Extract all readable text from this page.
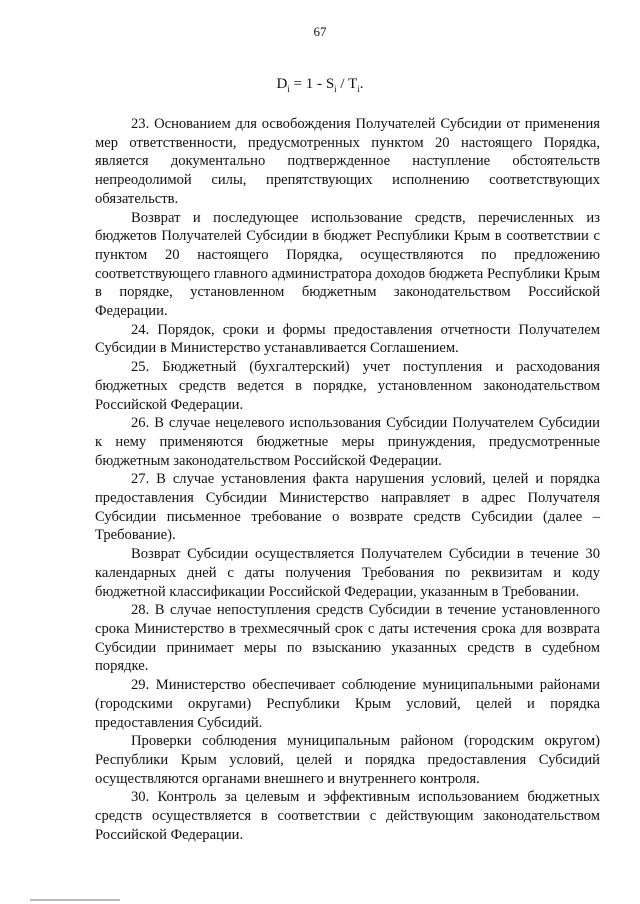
67
$D_i = 1 - S_i / T_i$.

23. Основанием для освобождения Получателей Субсидии от применения мер ответственности, предусмотренных пунктом 20 настоящего Порядка, является документально подтвержденное наступление обстоятельств непреодолимой силы, препятствующих исполнению соответствующих обязательств.

Возврат и последующее использование средств, перечисленных из бюджетов Получателей Субсидии в бюджет Республики Крым в соответствии с пунктом 20 настоящего Порядка, осуществляются по предложению соответствующего главного администратора доходов бюджета Республики Крым в порядке, установленном бюджетным законодательством Российской Федерации.

24. Порядок, сроки и формы предоставления отчетности Получателем Субсидии в Министерство устанавливается Соглашением.

25. Бюджетный (бухгалтерский) учет поступления и расходования бюджетных средств ведется в порядке, установленном законодательством Российской Федерации.

26. В случае нецелевого использования Субсидии Получателем Субсидии к нему применяются бюджетные меры принуждения, предусмотренные бюджетным законодательством Российской Федерации.

27. В случае установления факта нарушения условий, целей и порядка предоставления Субсидии Министерство направляет в адрес Получателя Субсидии письменное требование о возврате средств Субсидии (далее – Требование).

Возврат Субсидии осуществляется Получателем Субсидии в течение 30 календарных дней с даты получения Требования по реквизитам и коду бюджетной классификации Российской Федерации, указанным в Требовании.

28. В случае непоступления средств Субсидии в течение установленного срока Министерство в трехмесячный срок с даты истечения срока для возврата Субсидии принимает меры по взысканию указанных средств в судебном порядке.

29. Министерство обеспечивает соблюдение муниципальными районами (городскими округами) Республики Крым условий, целей и порядка предоставления Субсидий.

Проверки соблюдения муниципальным районом (городским округом) Республики Крым условий, целей и порядка предоставления Субсидий осуществляются органами внешнего и внутреннего контроля.

30. Контроль за целевым и эффективным использованием бюджетных средств осуществляется в соответствии с действующим законодательством Российской Федерации.
